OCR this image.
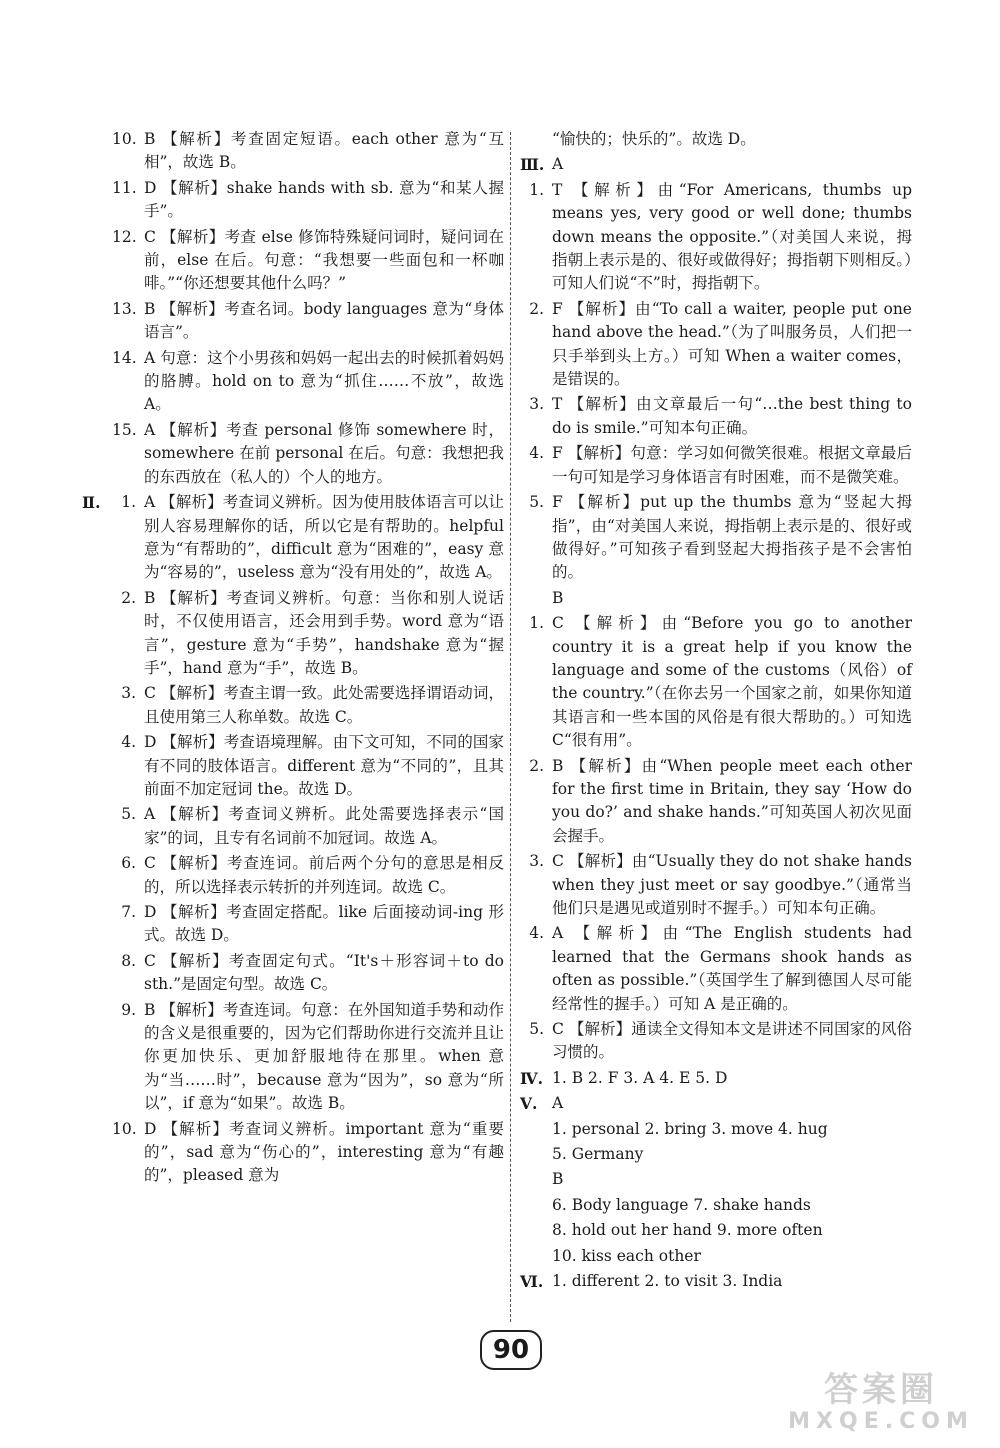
10. B 【解析】考查固定短语。each other 意为“互相”，故选 B。
11. D 【解析】shake hands with sb. 意为“和某人握手”。
12. C 【解析】考查 else 修饰特殊疑问词时，疑问词在前，else 在后。句意：“我想要一些面包和一杯咖啡。”“你还想要其他什么吗？”
13. B 【解析】考查名词。body languages 意为“身体语言”。
14. A 句意：这个小男孩和妈妈一起出去的时候抓着妈妈的胳膊。hold on to 意为“抓住……不放”，故选 A。
15. A 【解析】考查 personal 修饰 somewhere 时，somewhere 在前 personal 在后。句意：我想把我的东西放在（私人的）个人的地方。
Ⅱ.	1. A 【解析】考查词义辨析。因为使用肢体语言可以让别人容易理解你的话，所以它是有帮助的。helpful 意为“有帮助的”，difficult 意为“困难的”，easy 意为“容易的”，useless 意为“没有用处的”，故选 A。
2. B 【解析】考查词义辨析。句意：当你和别人说话时，不仅使用语言，还会用到手势。word 意为“语言”，gesture 意为“手势”，handshake 意为“握手”，hand 意为“手”，故选 B。
3. C 【解析】考查主谓一致。此处需要选择谓语动词，且使用第三人称单数。故选 C。
4. D 【解析】考查语境理解。由下文可知，不同的国家有不同的肢体语言。different 意为“不同的”，且其前面不加定冠词 the。故选 D。
5. A 【解析】考查词义辨析。此处需要选择表示“国家”的词，且专有名词前不加冠词。故选 A。
6. C 【解析】考查连词。前后两个分句的意思是相反的，所以选择表示转折的并列连词。故选 C。
7. D 【解析】考查固定搭配。like 后面接动词-ing 形式。故选 D。
8. C 【解析】考查固定句式。“It's＋形容词＋to do sth.”是固定句型。故选 C。
9. B 【解析】考查连词。句意：在外国知道手势和动作的含义是很重要的，因为它们帮助你进行交流并且让你更加快乐、更加舒服地待在那里。when 意为“当……时”，because 意为“因为”，so 意为“所以”，if 意为“如果”。故选 B。
10. D 【解析】考查词义辨析。important 意为“重要的”，sad 意为“伤心的”，interesting 意为“有趣的”，pleased 意为
“愉快的；快乐的”。故选 D。
Ⅲ. A
1. T 【解析】由“For Americans, thumbs up means yes, very good or well done; thumbs down means the opposite.”（对美国人来说，拇指朝上表示是的、很好或做得好；拇指朝下则相反。）可知人们说“不”时，拇指朝下。
2. F 【解析】由“To call a waiter, people put one hand above the head.”（为了叫服务员，人们把一只手举到头上方。）可知 When a waiter comes，是错误的。
3. T 【解析】由文章最后一句“…the best thing to do is smile.”可知本句正确。
4. F 【解析】句意：学习如何微笑很难。根据文章最后一句可知是学习身体语言有时困难，而不是微笑难。
5. F 【解析】put up the thumbs 意为“竖起大拇指”，由“对美国人来说，拇指朝上表示是的、很好或做得好。”可知孩子看到竖起大拇指孩子是不会害怕的。
B
1. C 【解析】由“Before you go to another country it is a great help if you know the language and some of the customs（风俗）of the country.”（在你去另一个国家之前，如果你知道其语言和一些本国的风俗是有很大帮助的。）可知选 C“很有用”。
2. B 【解析】由“When people meet each other for the first time in Britain, they say ‘How do you do?’ and shake hands.”可知英国人初次见面会握手。
3. C 【解析】由“Usually they do not shake hands when they just meet or say goodbye.”（通常当他们只是遇见或道别时不握手。）可知本句正确。
4. A 【解析】由“The English students had learned that the Germans shook hands as often as possible.”（英国学生了解到德国人尽可能经常性的握手。）可知 A 是正确的。
5. C 【解析】通读全文得知本文是讲述不同国家的风俗习惯的。
Ⅳ. 1. B 2. F 3. A 4. E 5. D
Ⅴ. A
1. personal 2. bring 3. move 4. hug
5. Germany
B
6. Body language 7. shake hands
8. hold out her hand 9. more often
10. kiss each other
Ⅵ. 1. different 2. to visit 3. India
90
答案圈
MXQE.COM
